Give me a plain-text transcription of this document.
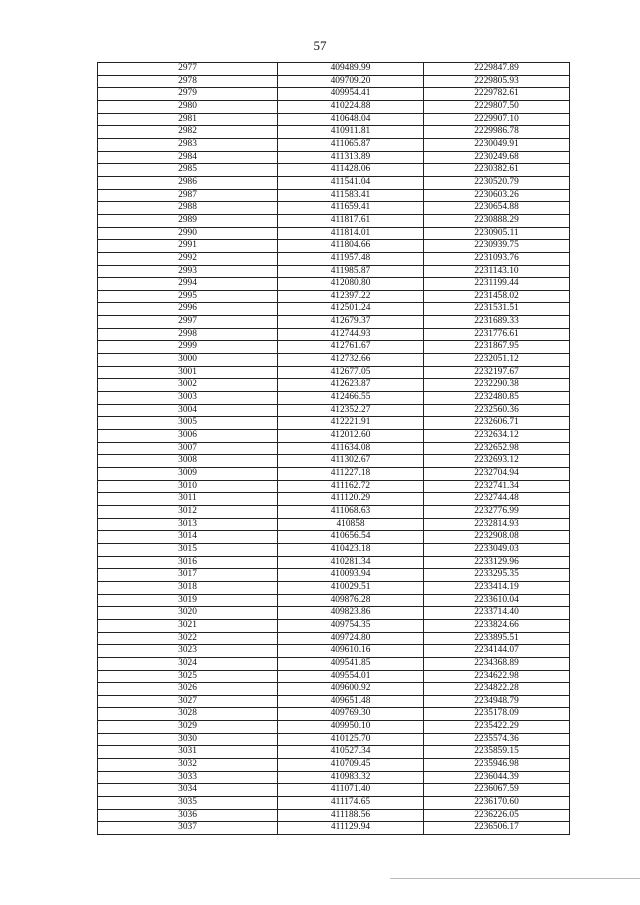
57
2977	409489.99	2229847.89
2978	409709.20	2229805.93
2979	409954.41	2229782.61
2980	410224.88	2229807.50
2981	410648.04	2229907.10
2982	410911.81	2229986.78
2983	411065.87	2230049.91
2984	411313.89	2230249.68
2985	411428.06	2230382.61
2986	411541.04	2230520.79
2987	411583.41	2230603.26
2988	411659.41	2230654.88
2989	411817.61	2230888.29
2990	411814.01	2230905.11
2991	411804.66	2230939.75
2992	411957.48	2231093.76
2993	411985.87	2231143.10
2994	412080.80	2231199.44
2995	412397.22	2231458.02
2996	412501.24	2231531.51
2997	412679.37	2231689.33
2998	412744.93	2231776.61
2999	412761.67	2231867.95
3000	412732.66	2232051.12
3001	412677.05	2232197.67
3002	412623.87	2232290.38
3003	412466.55	2232480.85
3004	412352.27	2232560.36
3005	412221.91	2232606.71
3006	412012.60	2232634.12
3007	411634.08	2232652.98
3008	411302.67	2232693.12
3009	411227.18	2232704.94
3010	411162.72	2232741.34
3011	411120.29	2232744.48
3012	411068.63	2232776.99
3013	410858	2232814.93
3014	410656.54	2232908.08
3015	410423.18	2233049.03
3016	410281.34	2233129.96
3017	410093.94	2233295.35
3018	410029.51	2233414.19
3019	409876.28	2233610.04
3020	409823.86	2233714.40
3021	409754.35	2233824.66
3022	409724.80	2233895.51
3023	409610.16	2234144.07
3024	409541.85	2234368.89
3025	409554.01	2234622.98
3026	409600.92	2234822.28
3027	409651.48	2234948.79
3028	409769.30	2235178.09
3029	409950.10	2235422.29
3030	410125.70	2235574.36
3031	410527.34	2235859.15
3032	410709.45	2235946.98
3033	410983.32	2236044.39
3034	411071.40	2236067.59
3035	411174.65	2236170.60
3036	411188.56	2236226.05
3037	411129.94	2236506.17
